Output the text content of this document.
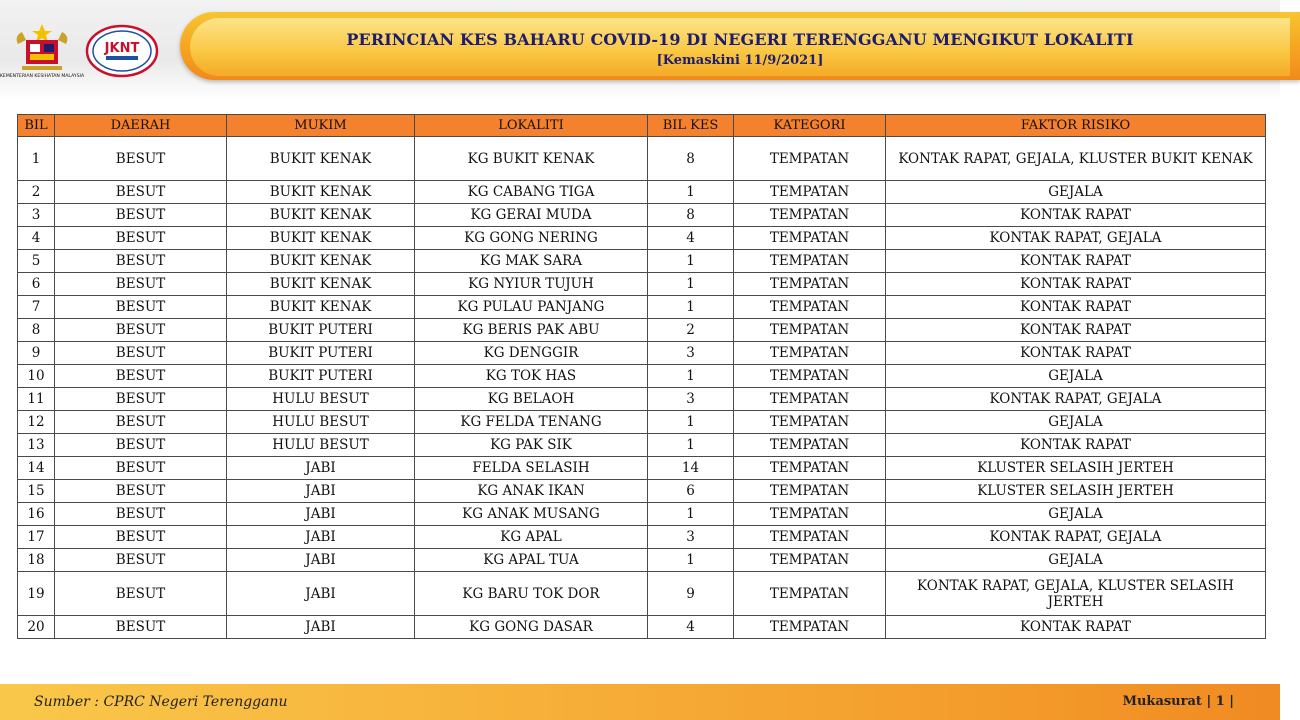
KEMENTERIAN KESIHATAN MALAYSIA
JKNT	PERINCIAN KES BAHARU COVID-19 DI NEGERI TERENGGANU MENGIKUT LOKALITI
[Kemaskini 11/9/2021]
BIL	DAERAH	MUKIM	LOKALITI	BIL KES	KATEGORI	FAKTOR RISIKO
1	BESUT	BUKIT KENAK	KG BUKIT KENAK	8	TEMPATAN	KONTAK RAPAT, GEJALA, KLUSTER BUKIT KENAK
2	BESUT	BUKIT KENAK	KG CABANG TIGA	1	TEMPATAN	GEJALA
3	BESUT	BUKIT KENAK	KG GERAI MUDA	8	TEMPATAN	KONTAK RAPAT
4	BESUT	BUKIT KENAK	KG GONG NERING	4	TEMPATAN	KONTAK RAPAT, GEJALA
5	BESUT	BUKIT KENAK	KG MAK SARA	1	TEMPATAN	KONTAK RAPAT
6	BESUT	BUKIT KENAK	KG NYIUR TUJUH	1	TEMPATAN	KONTAK RAPAT
7	BESUT	BUKIT KENAK	KG PULAU PANJANG	1	TEMPATAN	KONTAK RAPAT
8	BESUT	BUKIT PUTERI	KG BERIS PAK ABU	2	TEMPATAN	KONTAK RAPAT
9	BESUT	BUKIT PUTERI	KG DENGGIR	3	TEMPATAN	KONTAK RAPAT
10	BESUT	BUKIT PUTERI	KG TOK HAS	1	TEMPATAN	GEJALA
11	BESUT	HULU BESUT	KG BELAOH	3	TEMPATAN	KONTAK RAPAT, GEJALA
12	BESUT	HULU BESUT	KG FELDA TENANG	1	TEMPATAN	GEJALA
13	BESUT	HULU BESUT	KG PAK SIK	1	TEMPATAN	KONTAK RAPAT
14	BESUT	JABI	FELDA SELASIH	14	TEMPATAN	KLUSTER SELASIH JERTEH
15	BESUT	JABI	KG ANAK IKAN	6	TEMPATAN	KLUSTER SELASIH JERTEH
16	BESUT	JABI	KG ANAK MUSANG	1	TEMPATAN	GEJALA
17	BESUT	JABI	KG APAL	3	TEMPATAN	KONTAK RAPAT, GEJALA
18	BESUT	JABI	KG APAL TUA	1	TEMPATAN	GEJALA
19	BESUT	JABI	KG BARU TOK DOR	9	TEMPATAN	KONTAK RAPAT, GEJALA, KLUSTER SELASIH JERTEH
20	BESUT	JABI	KG GONG DASAR	4	TEMPATAN	KONTAK RAPAT
Sumber : CPRC Negeri Terengganu	Mukasurat | 1 |
